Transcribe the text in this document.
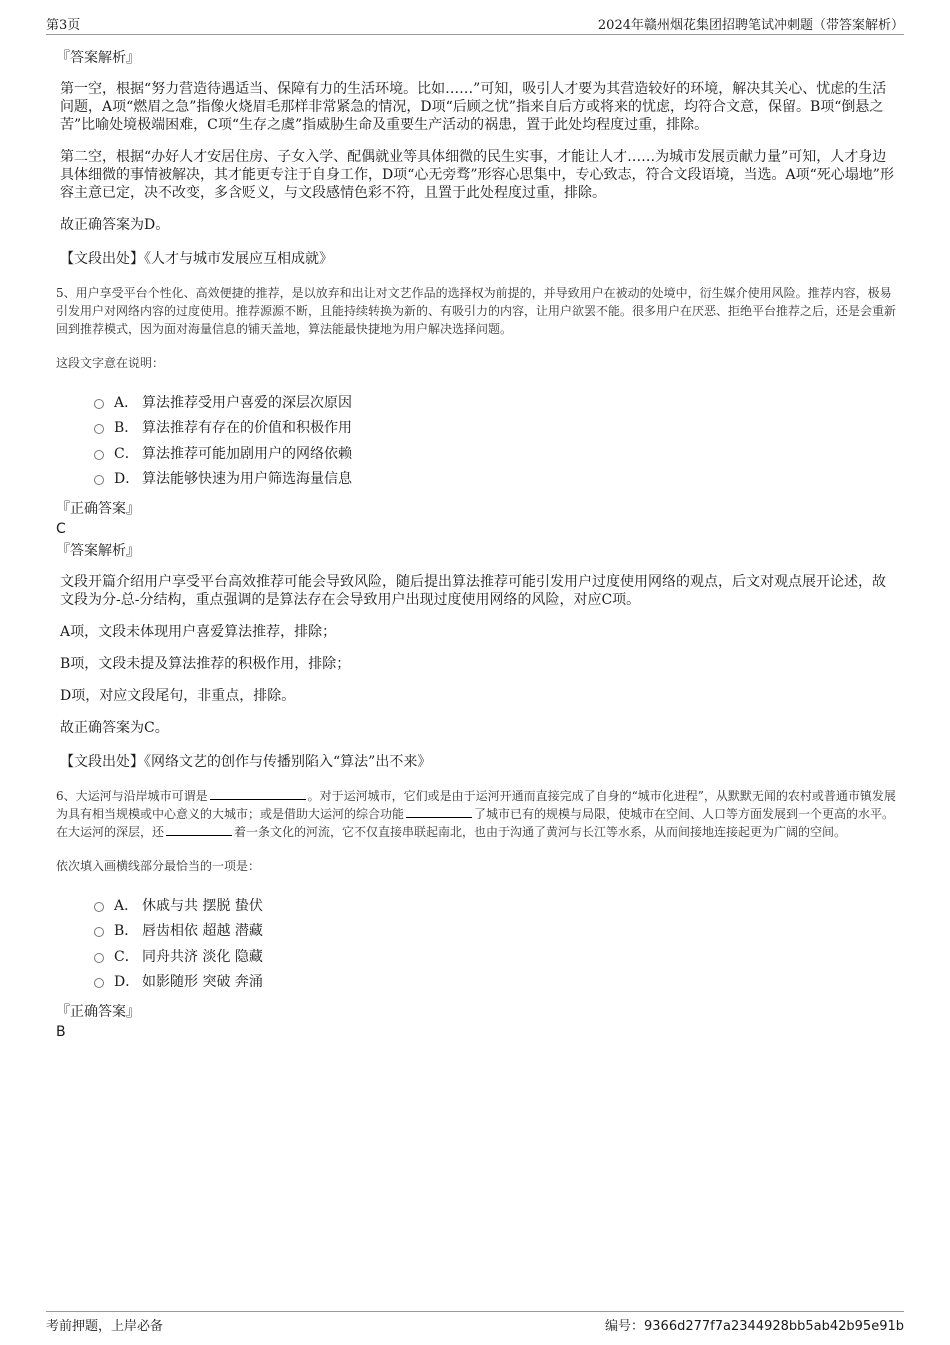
第3页	2024年赣州烟花集团招聘笔试冲刺题（带答案解析）

『答案解析』

第一空，根据“努力营造待遇适当、保障有力的生活环境。比如……”可知，吸引人才要为其营造较好的环境，解决其关心、忧虑的生活问题，A项“燃眉之急”指像火烧眉毛那样非常紧急的情况，D项“后顾之忧”指来自后方或将来的忧虑，均符合文意，保留。B项“倒悬之苦”比喻处境极端困难，C项“生存之虞”指威胁生命及重要生产活动的祸患，置于此处均程度过重，排除。

第二空，根据“办好人才安居住房、子女入学、配偶就业等具体细微的民生实事，才能让人才……为城市发展贡献力量”可知，人才身边具体细微的事情被解决，其才能更专注于自身工作，D项“心无旁骛”形容心思集中，专心致志，符合文段语境，当选。A项“死心塌地”形容主意已定，决不改变，多含贬义，与文段感情色彩不符，且置于此处程度过重，排除。

故正确答案为D。

【文段出处】《人才与城市发展应互相成就》

5、用户享受平台个性化、高效便捷的推荐，是以放弃和出让对文艺作品的选择权为前提的，并导致用户在被动的处境中，衍生媒介使用风险。推荐内容，极易引发用户对网络内容的过度使用。推荐源源不断，且能持续转换为新的、有吸引力的内容，让用户欲罢不能。很多用户在厌恶、拒绝平台推荐之后，还是会重新回到推荐模式，因为面对海量信息的铺天盖地，算法能最快捷地为用户解决选择问题。

这段文字意在说明：

A． 算法推荐受用户喜爱的深层次原因
B． 算法推荐有存在的价值和积极作用
C． 算法推荐可能加剧用户的网络依赖
D． 算法能够快速为用户筛选海量信息

『正确答案』

C

『答案解析』

文段开篇介绍用户享受平台高效推荐可能会导致风险，随后提出算法推荐可能引发用户过度使用网络的观点，后文对观点展开论述，故文段为分-总-分结构，重点强调的是算法存在会导致用户出现过度使用网络的风险，对应C项。

A项，文段未体现用户喜爱算法推荐，排除；

B项，文段未提及算法推荐的积极作用，排除；

D项，对应文段尾句，非重点，排除。

故正确答案为C。

【文段出处】《网络文艺的创作与传播别陷入“算法”出不来》

6、大运河与沿岸城市可谓是	。对于运河城市，它们或是由于运河开通而直接完成了自身的“城市化进程”，从默默无闻的农村或普通市镇发展为具有相当规模或中心意义的大城市；或是借助大运河的综合功能	了城市已有的规模与局限，使城市在空间、人口等方面发展到一个更高的水平。在大运河的深层，还	着一条文化的河流，它不仅直接串联起南北，也由于沟通了黄河与长江等水系，从而间接地连接起更为广阔的空间。

依次填入画横线部分最恰当的一项是：

A． 休戚与共 摆脱 蛰伏
B． 唇齿相依 超越 潜藏
C． 同舟共济 淡化 隐藏
D． 如影随形 突破 奔涌

『正确答案』

B

考前押题，上岸必备	编号：9366d277f7a2344928bb5ab42b95e91b
